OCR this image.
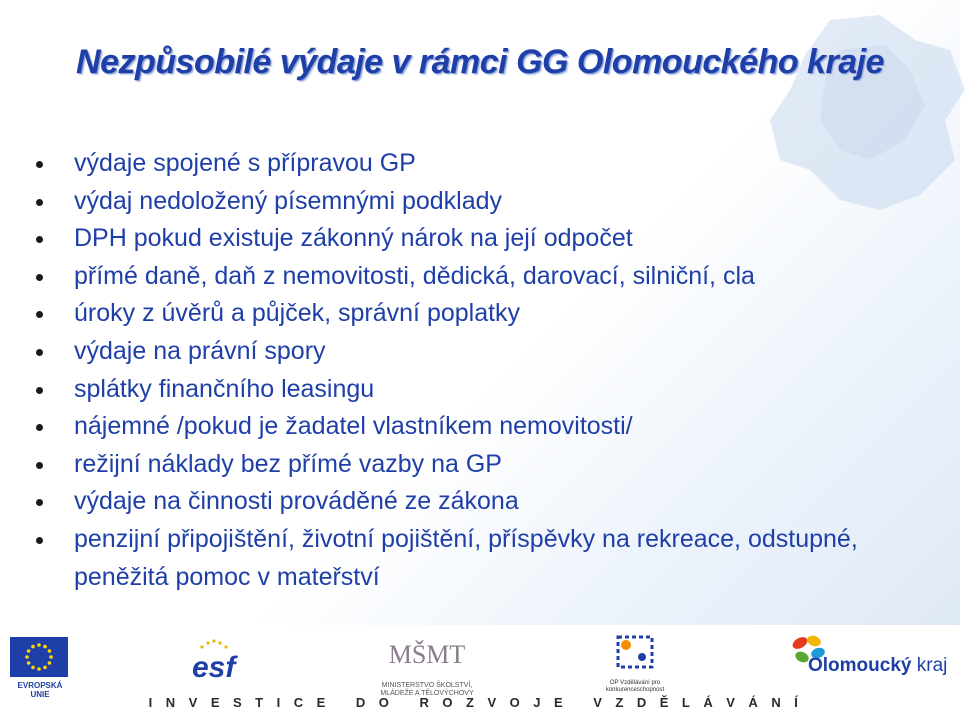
Nezpůsobilé výdaje v rámci GG Olomouckého kraje
výdaje spojené s přípravou GP
výdaj nedoložený písemnými podklady
DPH pokud existuje zákonný nárok na její odpočet
přímé daně, daň z nemovitosti, dědická, darovací, silniční, cla
úroky z úvěrů a půjček, správní poplatky
výdaje na právní spory
splátky finančního leasingu
nájemné /pokud je žadatel vlastníkem nemovitosti/
režijní náklady bez přímé vazby na GP
výdaje na činnosti prováděné ze zákona
penzijní připojištění, životní pojištění, příspěvky na rekreace, odstupné, peněžitá pomoc v mateřství
EVROPSKÁ UNIE
esf	MŠMT
MINISTERSTVO ŠKOLSTVÍ, MLÁDEŽE A TĚLOVÝCHOVY
OP Vzdělávání pro konkurenceschopnost
Olomoucký kraj
INVESTICE DO ROZVOJE VZDĚLÁVÁNÍ
